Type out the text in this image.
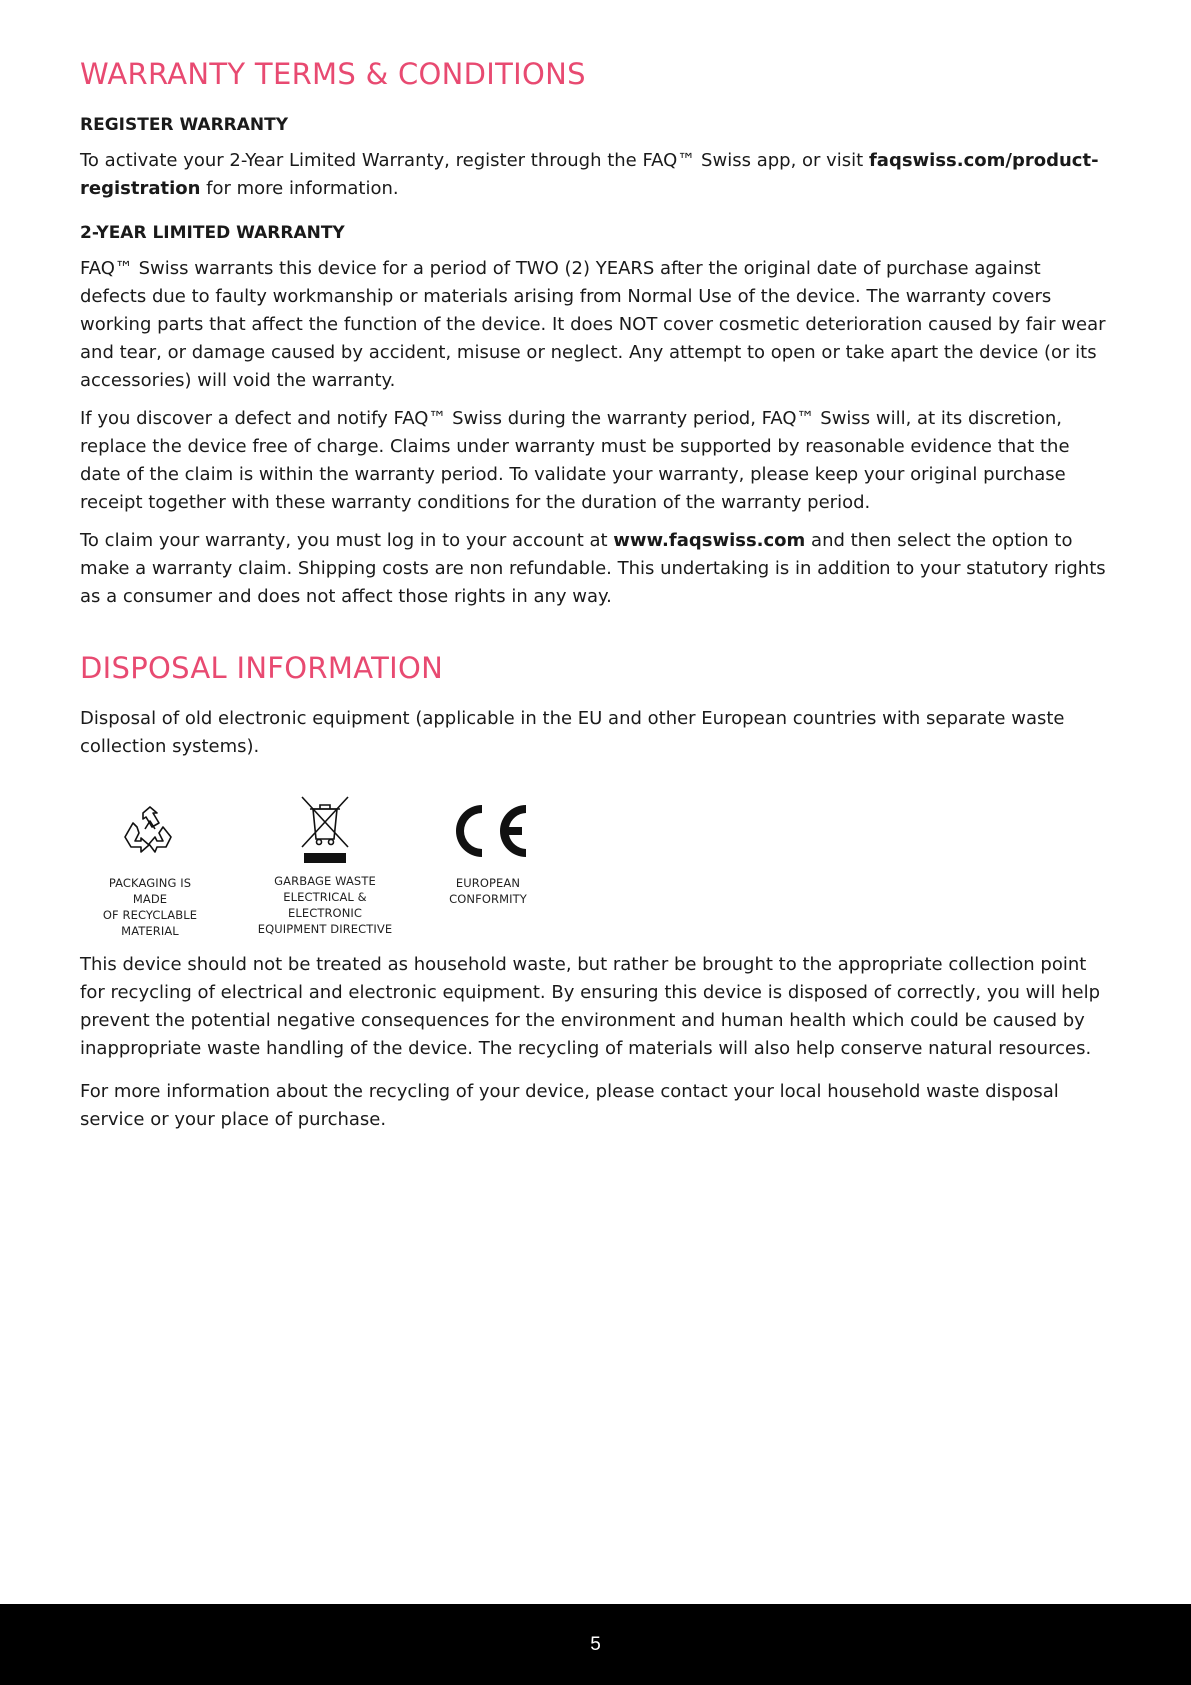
WARRANTY TERMS & CONDITIONS
REGISTER WARRANTY

To activate your 2-Year Limited Warranty, register through the FAQ™ Swiss app, or visit faqswiss.com/product-registration for more information.

2-YEAR LIMITED WARRANTY

FAQ™ Swiss warrants this device for a period of TWO (2) YEARS after the original date of purchase against defects due to faulty workmanship or materials arising from Normal Use of the device. The warranty covers working parts that affect the function of the device. It does NOT cover cosmetic deterioration caused by fair wear and tear, or damage caused by accident, misuse or neglect. Any attempt to open or take apart the device (or its accessories) will void the warranty.

If you discover a defect and notify FAQ™ Swiss during the warranty period, FAQ™ Swiss will, at its discretion, replace the device free of charge. Claims under warranty must be supported by reasonable evidence that the date of the claim is within the warranty period. To validate your warranty, please keep your original purchase receipt together with these warranty conditions for the duration of the warranty period.

To claim your warranty, you must log in to your account at www.faqswiss.com and then select the option to make a warranty claim. Shipping costs are non refundable. This undertaking is in addition to your statutory rights as a consumer and does not affect those rights in any way.

DISPOSAL INFORMATION

Disposal of old electronic equipment (applicable in the EU and other European countries with separate waste collection systems).

PACKAGING IS MADE
OF RECYCLABLE
MATERIAL
GARBAGE WASTE
ELECTRICAL & ELECTRONIC
EQUIPMENT DIRECTIVE
EUROPEAN
CONFORMITY

This device should not be treated as household waste, but rather be brought to the appropriate collection point for recycling of electrical and electronic equipment. By ensuring this device is disposed of correctly, you will help prevent the potential negative consequences for the environment and human health which could be caused by inappropriate waste handling of the device. The recycling of materials will also help conserve natural resources.

For more information about the recycling of your device, please contact your local household waste disposal service or your place of purchase.

5
